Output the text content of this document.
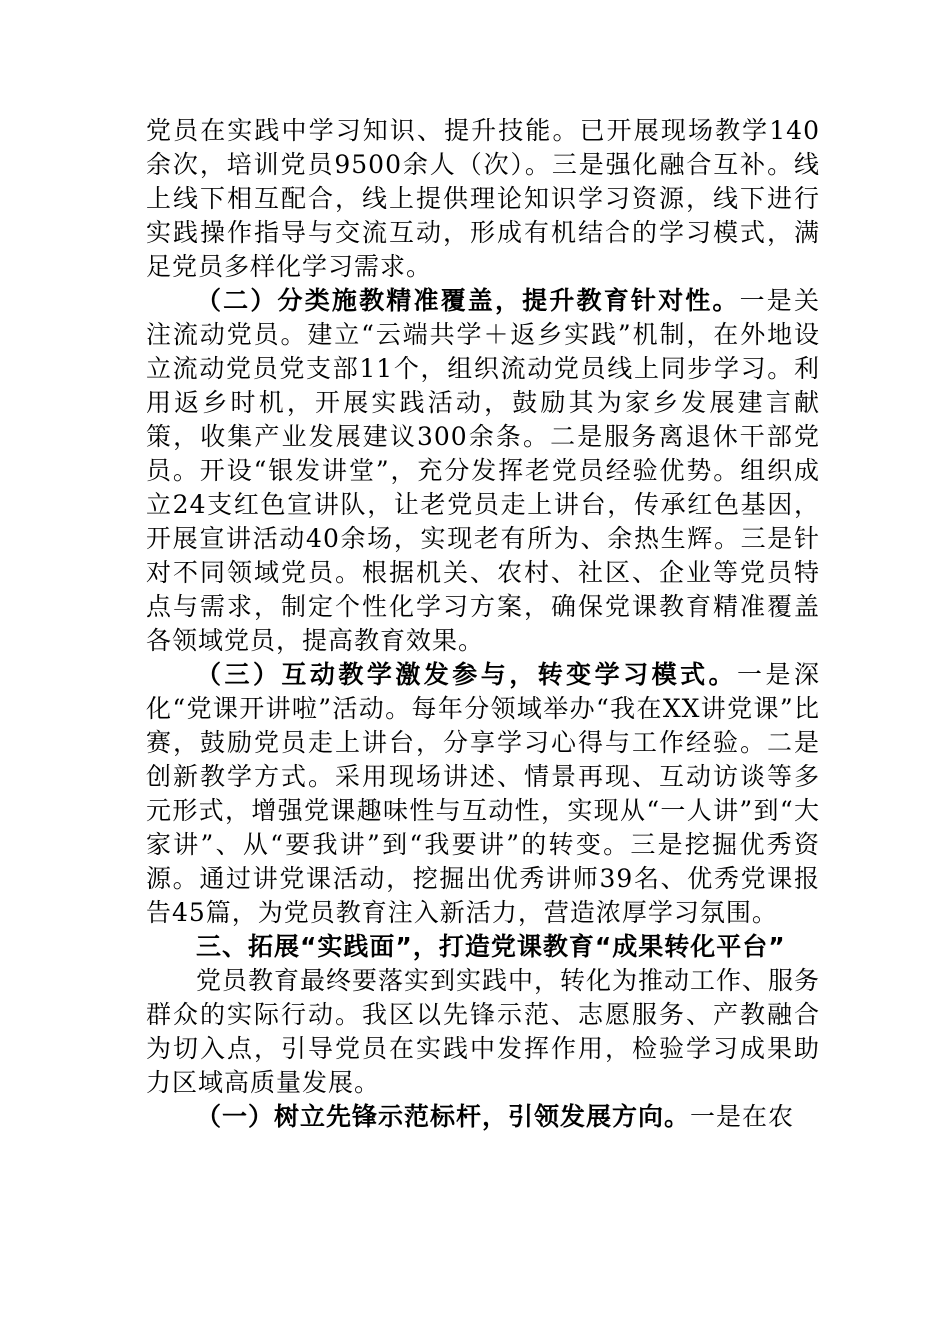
党员在实践中学习知识、提升技能。已开展现场教学140余次，培训党员9500余人（次）。三是强化融合互补。线上线下相互配合，线上提供理论知识学习资源，线下进行实践操作指导与交流互动，形成有机结合的学习模式，满足党员多样化学习需求。

（二）分类施教精准覆盖，提升教育针对性。一是关注流动党员。建立“云端共学＋返乡实践”机制，在外地设立流动党员党支部11个，组织流动党员线上同步学习。利用返乡时机，开展实践活动，鼓励其为家乡发展建言献策，收集产业发展建议300余条。二是服务离退休干部党员。开设“银发讲堂”，充分发挥老党员经验优势。组织成立24支红色宣讲队，让老党员走上讲台，传承红色基因，开展宣讲活动40余场，实现老有所为、余热生辉。三是针对不同领域党员。根据机关、农村、社区、企业等党员特点与需求，制定个性化学习方案，确保党课教育精准覆盖各领域党员，提高教育效果。

（三）互动教学激发参与，转变学习模式。一是深化“党课开讲啦”活动。每年分领域举办“我在XX讲党课”比赛，鼓励党员走上讲台，分享学习心得与工作经验。二是创新教学方式。采用现场讲述、情景再现、互动访谈等多元形式，增强党课趣味性与互动性，实现从“一人讲”到“大家讲”、从“要我讲”到“我要讲”的转变。三是挖掘优秀资源。通过讲党课活动，挖掘出优秀讲师39名、优秀党课报告45篇，为党员教育注入新活力，营造浓厚学习氛围。

三、拓展“实践面”，打造党课教育“成果转化平台”

党员教育最终要落实到实践中，转化为推动工作、服务群众的实际行动。我区以先锋示范、志愿服务、产教融合为切入点，引导党员在实践中发挥作用，检验学习成果助力区域高质量发展。

（一）树立先锋示范标杆，引领发展方向。一是在农
